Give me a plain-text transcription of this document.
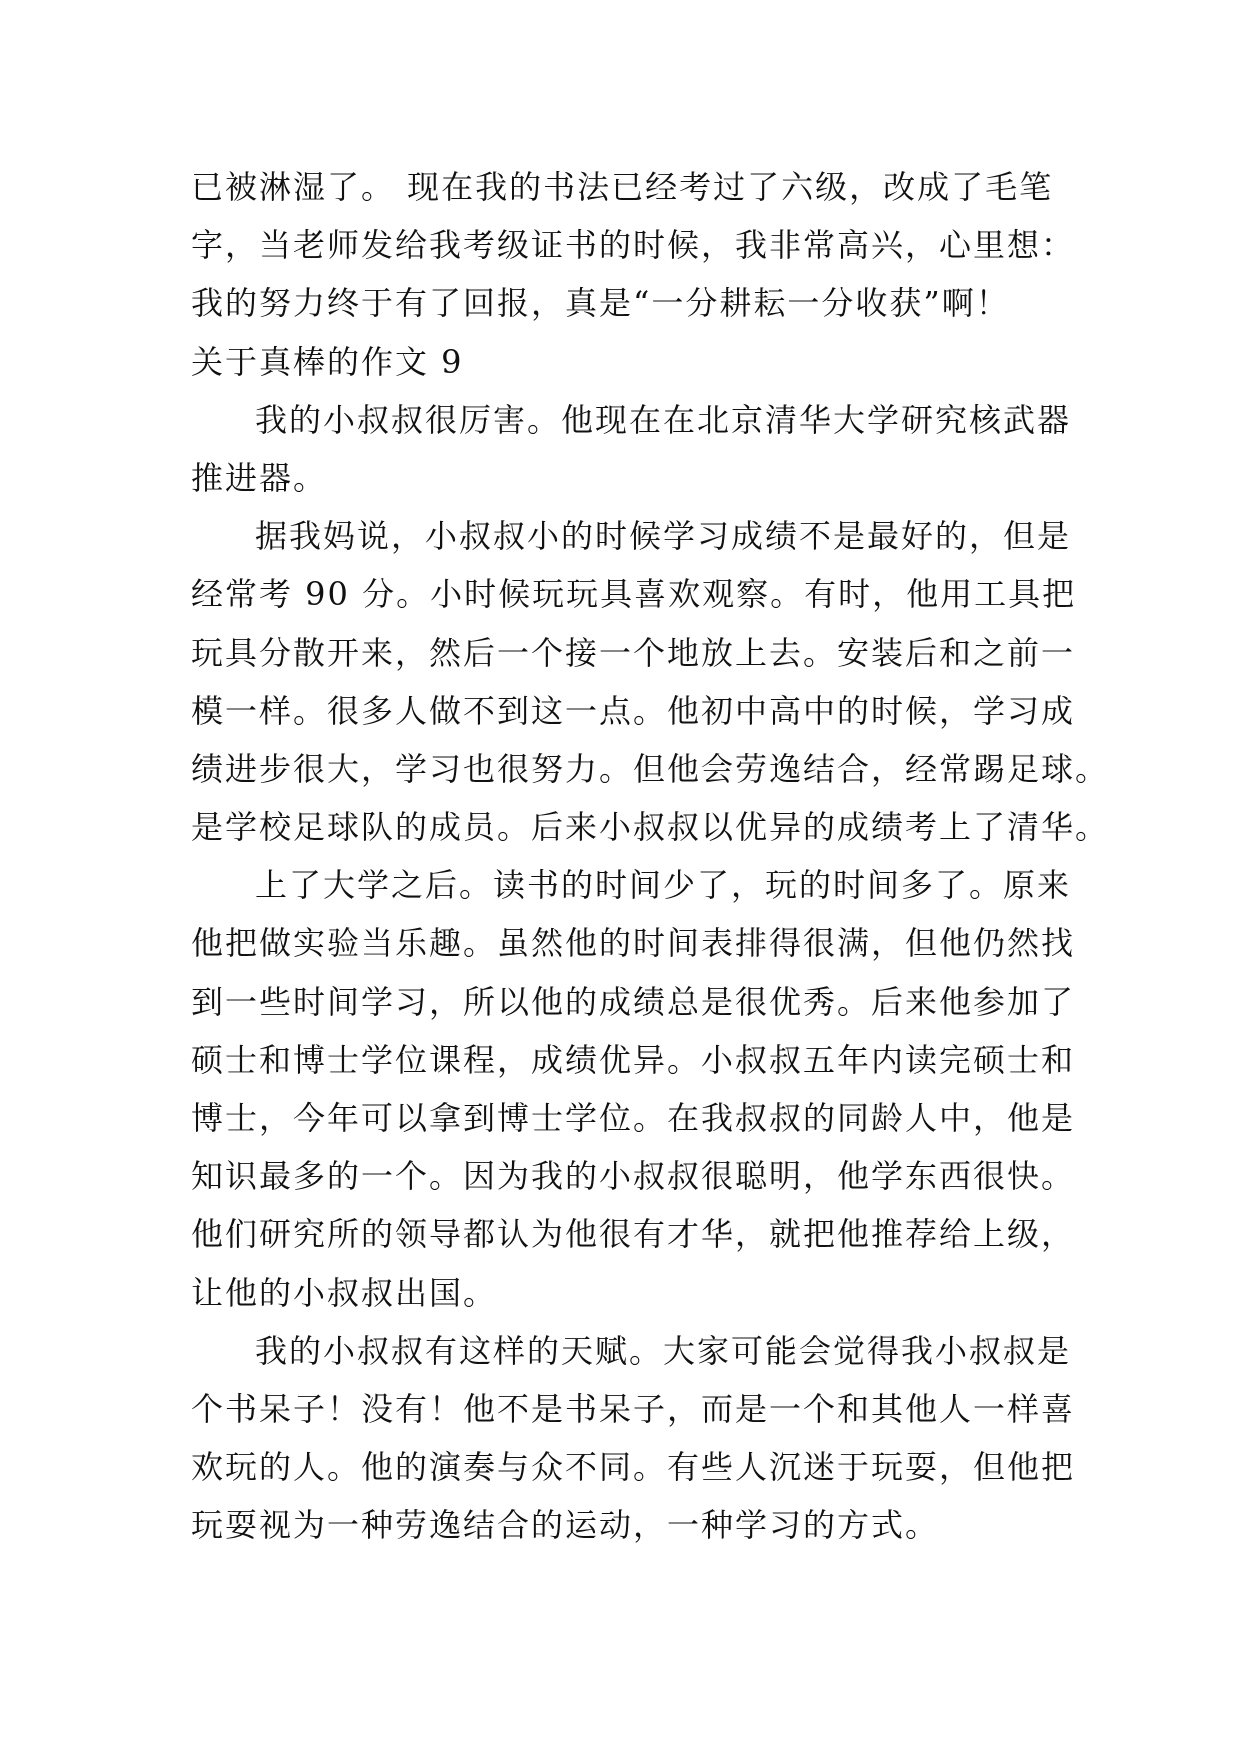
已被淋湿了。 现在我的书法已经考过了六级，改成了毛笔
字，当老师发给我考级证书的时候，我非常高兴，心里想：
我的努力终于有了回报，真是“一分耕耘一分收获”啊！
关于真棒的作文 9
我的小叔叔很厉害。他现在在北京清华大学研究核武器
推进器。
据我妈说，小叔叔小的时候学习成绩不是最好的，但是
经常考 90 分。小时候玩玩具喜欢观察。有时，他用工具把
玩具分散开来，然后一个接一个地放上去。安装后和之前一
模一样。很多人做不到这一点。他初中高中的时候，学习成
绩进步很大，学习也很努力。但他会劳逸结合，经常踢足球。
是学校足球队的成员。后来小叔叔以优异的成绩考上了清华。
上了大学之后。读书的时间少了，玩的时间多了。原来
他把做实验当乐趣。虽然他的时间表排得很满，但他仍然找
到一些时间学习，所以他的成绩总是很优秀。后来他参加了
硕士和博士学位课程，成绩优异。小叔叔五年内读完硕士和
博士，今年可以拿到博士学位。在我叔叔的同龄人中，他是
知识最多的一个。因为我的小叔叔很聪明，他学东西很快。
他们研究所的领导都认为他很有才华，就把他推荐给上级，
让他的小叔叔出国。
我的小叔叔有这样的天赋。大家可能会觉得我小叔叔是
个书呆子！没有！他不是书呆子，而是一个和其他人一样喜
欢玩的人。他的演奏与众不同。有些人沉迷于玩耍，但他把
玩耍视为一种劳逸结合的运动，一种学习的方式。
